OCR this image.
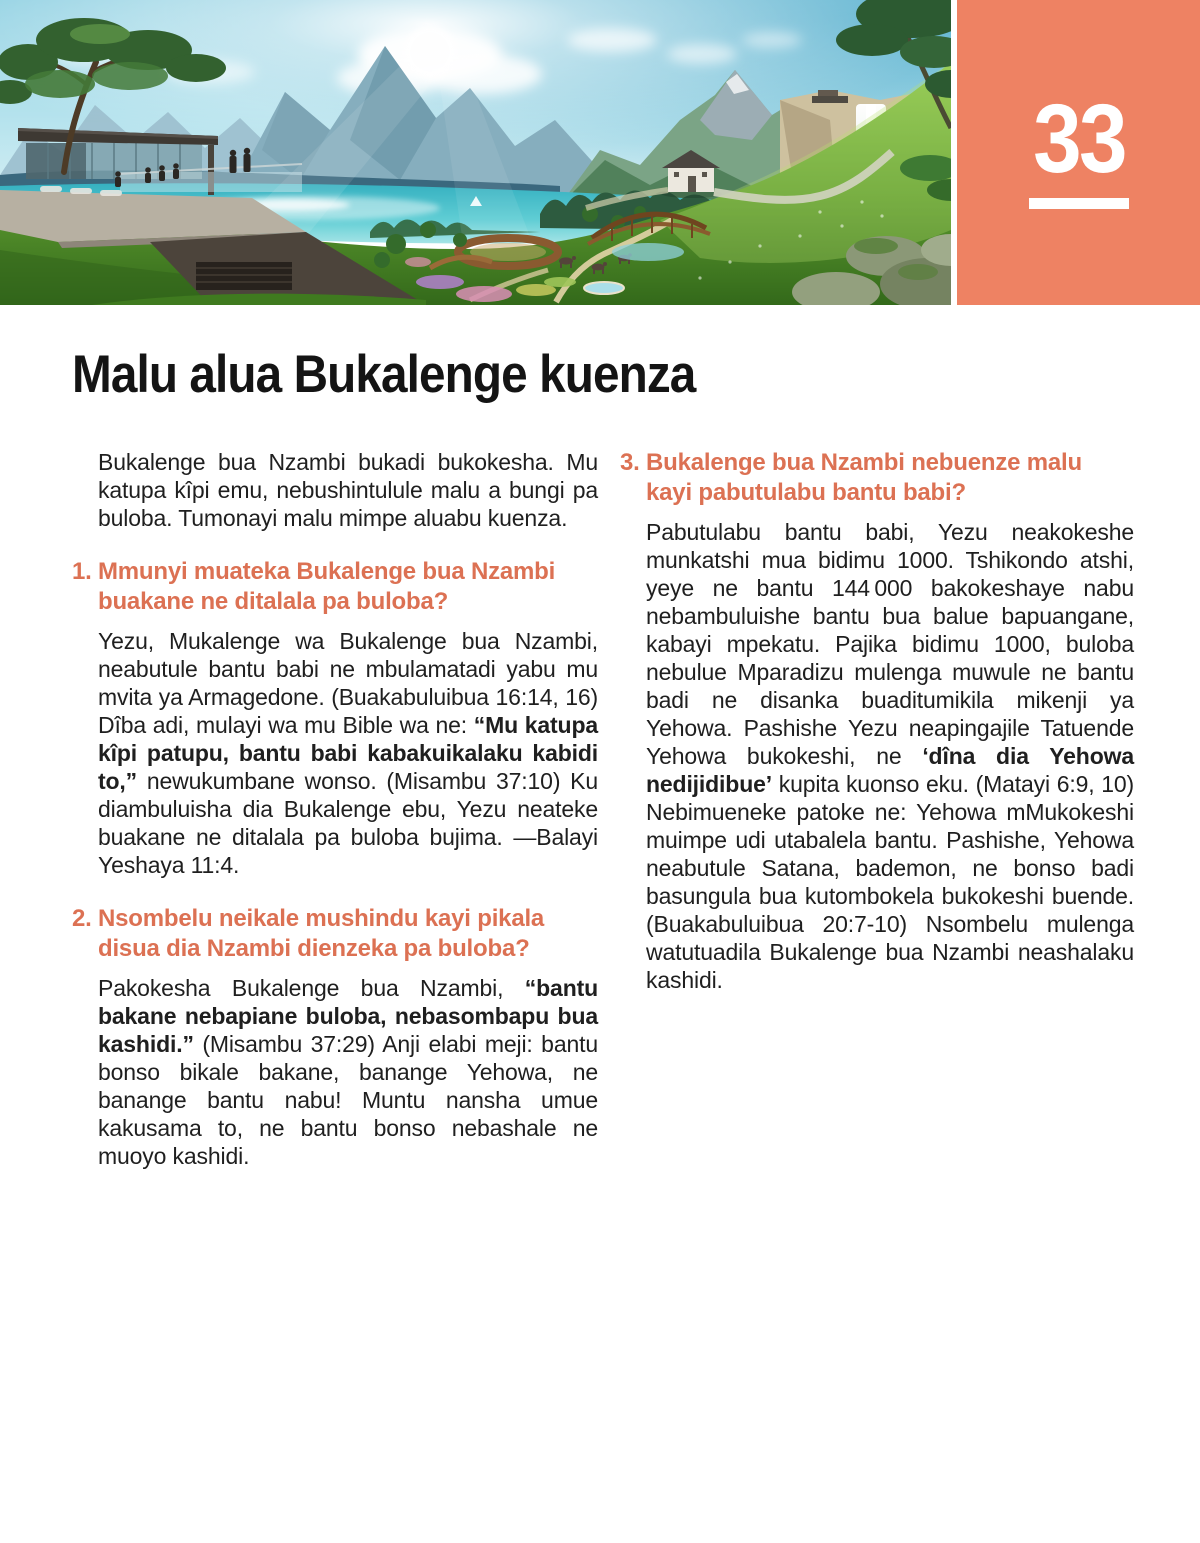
33
Malu alua Bukalenge kuenza

Bukalenge bua Nzambi bukadi bukokesha. Mu katupa kîpi emu, nebushintulule malu a bungi pa buloba. Tumonayi malu mimpe aluabu kuenza.

1. Mmunyi muateka Bukalenge bua Nzambi buakane ne ditalala pa buloba?

Yezu, Mukalenge wa Bukalenge bua Nzambi, neabutule bantu babi ne mbulamatadi yabu mu mvita ya Armagedone. (Buakabuluibua 16:14, 16) Dîba adi, mulayi wa mu Bible wa ne: “Mu katupa kîpi patupu, bantu babi kabakuikalaku kabidi to,” newukumbane wonso. (Misambu 37:10) Ku diambuluisha dia Bukalenge ebu, Yezu neateke buakane ne ditalala pa buloba bujima. —Balayi Yeshaya 11:4.

2. Nsombelu neikale mushindu kayi pikala disua dia Nzambi dienzeka pa buloba?

Pakokesha Bukalenge bua Nzambi, “bantu bakane nebapiane buloba, nebasombapu bua kashidi.” (Misambu 37:29) Anji elabi meji: bantu bonso bikale bakane, banange Yehowa, ne banange bantu nabu! Muntu nansha umue kakusama to, ne bantu bonso nebashale ne muoyo kashidi.

3. Bukalenge bua Nzambi nebuenze malu kayi pabutulabu bantu babi?

Pabutulabu bantu babi, Yezu neakokeshe munkatshi mua bidimu 1000. Tshikondo atshi, yeye ne bantu 144 000 bakokeshaye nabu nebambuluishe bantu bua balue bapuangane, kabayi mpekatu. Pajika bidimu 1000, buloba nebulue Mparadizu mulenga muwule ne bantu badi ne disanka buaditumikila mikenji ya Yehowa. Pashishe Yezu neapingajile Tatuende Yehowa bukokeshi, ne ‘dîna dia Yehowa nedijidibue’ kupita kuonso eku. (Matayi 6:9, 10) Nebimueneke patoke ne: Yehowa mMukokeshi muimpe udi utabalela bantu. Pashishe, Yehowa neabutule Satana, bademon, ne bonso badi basungula bua kutombokela bukokeshi buende. (Buakabuluibua 20:7-10) Nsombelu mulenga watutuadila Bukalenge bua Nzambi neashalaku kashidi.
